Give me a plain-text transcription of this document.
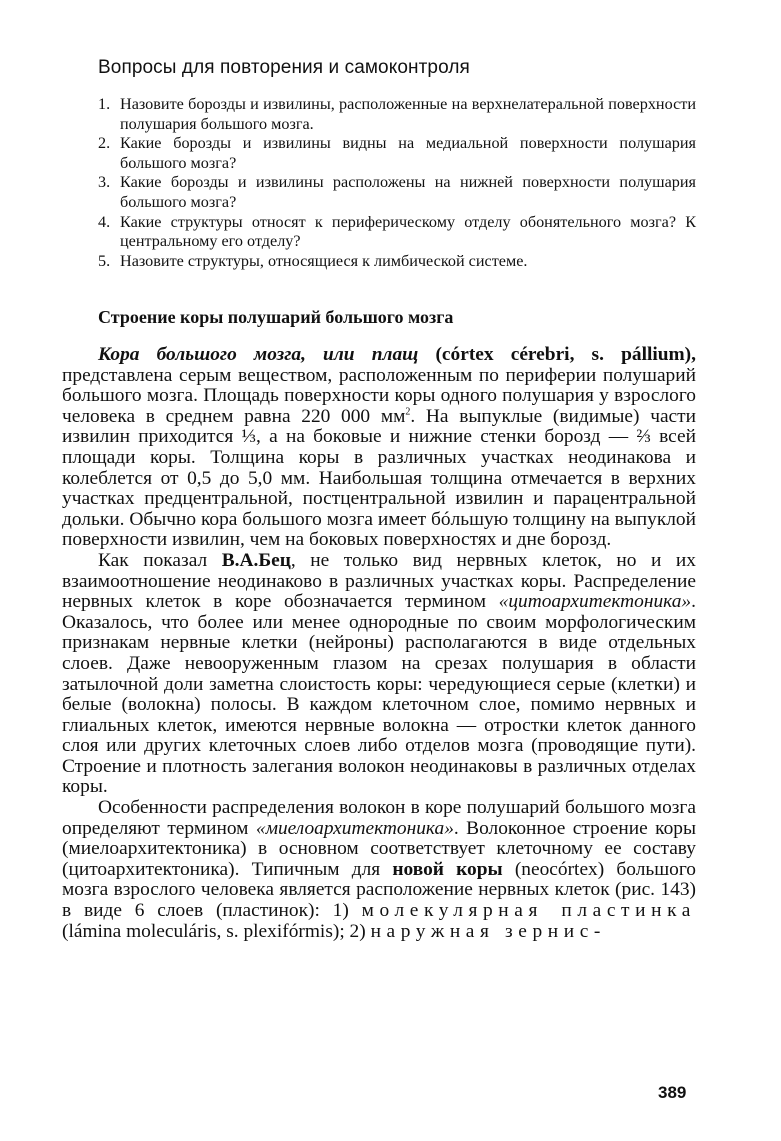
Вопросы для повторения и самоконтроля
1. Назовите борозды и извилины, расположенные на верхнелатеральной поверхности полушария большого мозга.
2. Какие борозды и извилины видны на медиальной поверхности полушария большого мозга?
3. Какие борозды и извилины расположены на нижней поверхности полушария большого мозга?
4. Какие структуры относят к периферическому отделу обонятельного мозга? К центральному его отделу?
5. Назовите структуры, относящиеся к лимбической системе.
Строение коры полушарий большого мозга

Кора большого мозга, или плащ (córtex cérebri, s. pállium), представлена серым веществом, расположенным по периферии полушарий большого мозга. Площадь поверхности коры одного полушария у взрослого человека в среднем равна 220 000 $мм^2$. На выпуклые (видимые) части извилин приходится ⅓, а на боковые и нижние стенки борозд — ⅔ всей площади коры. Толщина коры в различных участках неодинакова и колеблется от 0,5 до 5,0 мм. Наибольшая толщина отмечается в верхних участках предцентральной, постцентральной извилин и парацентральной дольки. Обычно кора большого мозга имеет бóльшую толщину на выпуклой поверхности извилин, чем на боковых поверхностях и дне борозд.

Как показал В.А.Бец, не только вид нервных клеток, но и их взаимоотношение неодинаково в различных участках коры. Распределение нервных клеток в коре обозначается термином «цитоархитектоника». Оказалось, что более или менее однородные по своим морфологическим признакам нервные клетки (нейроны) располагаются в виде отдельных слоев. Даже невооруженным глазом на срезах полушария в области затылочной доли заметна слоистость коры: чередующиеся серые (клетки) и белые (волокна) полосы. В каждом клеточном слое, помимо нервных и глиальных клеток, имеются нервные волокна — отростки клеток данного слоя или других клеточных слоев либо отделов мозга (проводящие пути). Строение и плотность залегания волокон неодинаковы в различных отделах коры.

Особенности распределения волокон в коре полушарий большого мозга определяют термином «миелоархитектоника». Волоконное строение коры (миелоархитектоника) в основном соответствует клеточному ее составу (цитоархитектоника). Типичным для новой коры (neocórtex) большого мозга взрослого человека является расположение нервных клеток (рис. 143) в виде 6 слоев (пластинок): 1) молекулярная пластинка (lámina moleculáris, s. plexifórmis); 2) наружная зернис-

389
